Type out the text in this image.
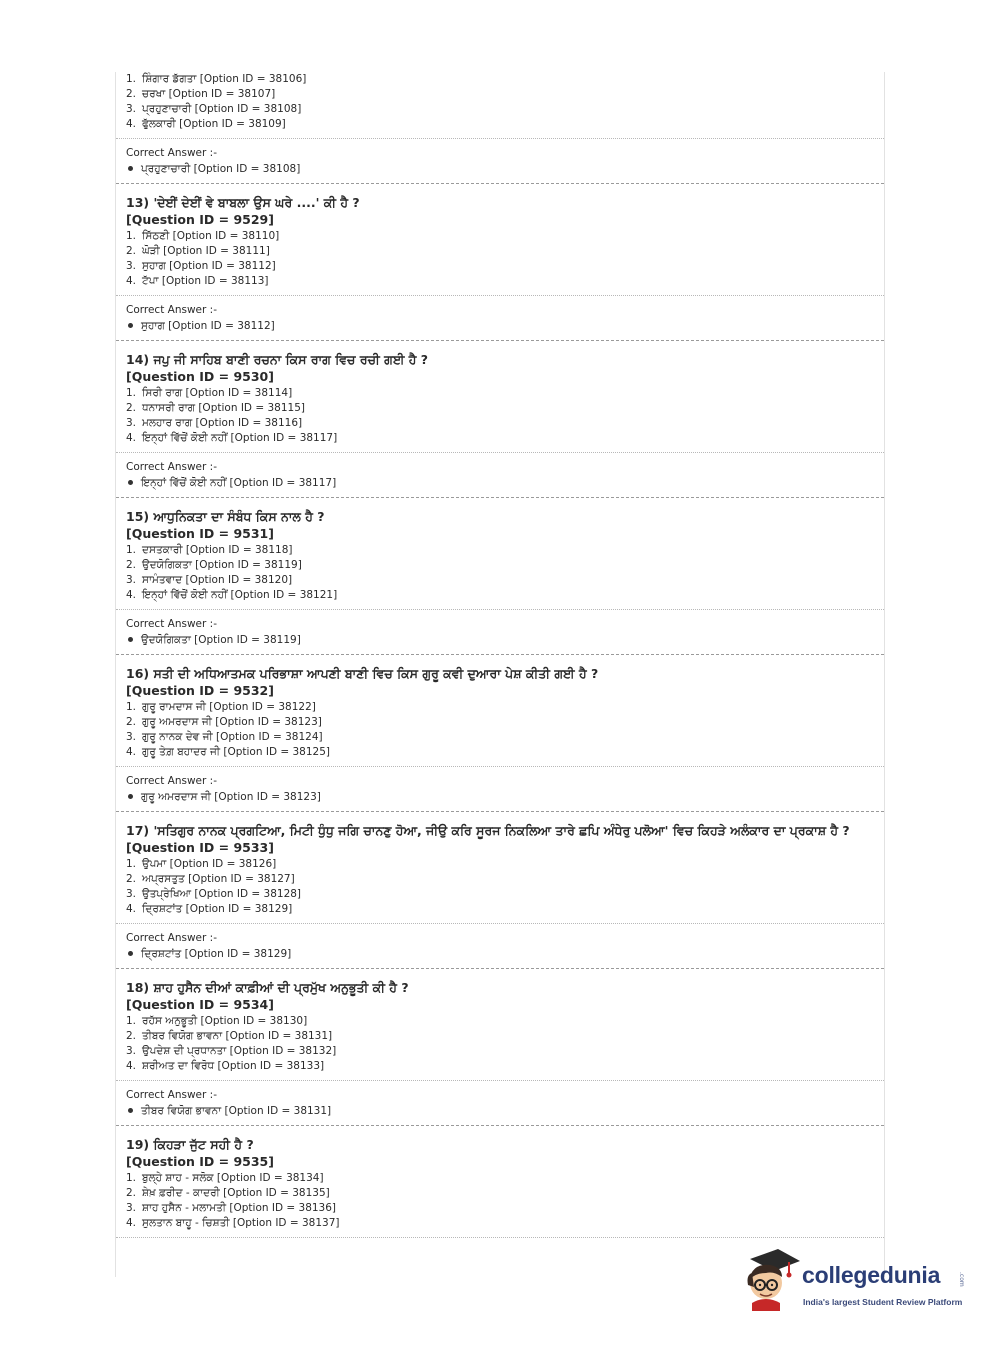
1. ਸ਼ਿੰਗਾਰ ਡੱਗਤਾ [Option ID = 38106]
2. ਚਰਖਾ [Option ID = 38107]
3. ਪ੍ਰਹੁਣਾਚਾਰੀ [Option ID = 38108]
4. ਫੁੱਲਕਾਰੀ [Option ID = 38109]
Correct Answer :-
ਪ੍ਰਹੁਣਾਚਾਰੀ [Option ID = 38108]
13) 'ਦੇਈਂ ਦੇਈਂ ਵੇ ਬਾਬਲਾ ਉਸ ਘਰੇ ....' ਕੀ ਹੈ ?
[Question ID = 9529]
1. ਸਿੱਠਣੀ [Option ID = 38110]
2. ਘੋੜੀ [Option ID = 38111]
3. ਸੁਹਾਗ [Option ID = 38112]
4. ਟੱਪਾ [Option ID = 38113]
Correct Answer :-
ਸੁਹਾਗ [Option ID = 38112]
14) ਜਪੁ ਜੀ ਸਾਹਿਬ ਬਾਣੀ ਰਚਨਾ ਕਿਸ ਰਾਗ ਵਿਚ ਰਚੀ ਗਈ ਹੈ ?
[Question ID = 9530]
1. ਸਿਰੀ ਰਾਗ [Option ID = 38114]
2. ਧਨਾਸਰੀ ਰਾਗ [Option ID = 38115]
3. ਮਲਹਾਰ ਰਾਗ [Option ID = 38116]
4. ਇਨ੍ਹਾਂ ਵਿੱਚੋਂ ਕੋਈ ਨਹੀਂ [Option ID = 38117]
Correct Answer :-
ਇਨ੍ਹਾਂ ਵਿੱਚੋਂ ਕੋਈ ਨਹੀਂ [Option ID = 38117]
15) ਆਧੁਨਿਕਤਾ ਦਾ ਸੰਬੰਧ ਕਿਸ ਨਾਲ ਹੈ ?
[Question ID = 9531]
1. ਦਸਤਕਾਰੀ [Option ID = 38118]
2. ਉਦਯੋਗਿਕਤਾ [Option ID = 38119]
3. ਸਾਮੰਤਵਾਦ [Option ID = 38120]
4. ਇਨ੍ਹਾਂ ਵਿੱਚੋਂ ਕੋਈ ਨਹੀਂ [Option ID = 38121]
Correct Answer :-
ਉਦਯੋਗਿਕਤਾ [Option ID = 38119]
16) ਸਤੀ ਦੀ ਅਧਿਆਤਮਕ ਪਰਿਭਾਸ਼ਾ ਆਪਣੀ ਬਾਣੀ ਵਿਚ ਕਿਸ ਗੁਰੂ ਕਵੀ ਦੁਆਰਾ ਪੇਸ਼ ਕੀਤੀ ਗਈ ਹੈ ?
[Question ID = 9532]
1. ਗੁਰੂ ਰਾਮਦਾਸ ਜੀ [Option ID = 38122]
2. ਗੁਰੂ ਅਮਰਦਾਸ ਜੀ [Option ID = 38123]
3. ਗੁਰੂ ਨਾਨਕ ਦੇਵ ਜੀ [Option ID = 38124]
4. ਗੁਰੂ ਤੇਗ਼ ਬਹਾਦਰ ਜੀ [Option ID = 38125]
Correct Answer :-
ਗੁਰੂ ਅਮਰਦਾਸ ਜੀ [Option ID = 38123]
17) 'ਸਤਿਗੁਰ ਨਾਨਕ ਪ੍ਰਗਟਿਆ, ਮਿਟੀ ਧੁੰਧੁ ਜਗਿ ਚਾਨਣੁ ਹੋਆ, ਜੀਉ ਕਰਿ ਸੂਰਜ ਨਿਕਲਿਆ ਤਾਰੇ ਛਪਿ ਅੰਧੇਰੁ ਪਲੋਆ' ਵਿਚ ਕਿਹੜੇ ਅਲੰਕਾਰ ਦਾ ਪ੍ਰਕਾਸ਼ ਹੈ ?
[Question ID = 9533]
1. ਉਪਮਾ [Option ID = 38126]
2. ਅਪ੍ਰਸਤੁਤ [Option ID = 38127]
3. ਉਤਪ੍ਰੇਖਿਆ [Option ID = 38128]
4. ਦ੍ਰਿਸ਼ਟਾਂਤ [Option ID = 38129]
Correct Answer :-
ਦ੍ਰਿਸ਼ਟਾਂਤ [Option ID = 38129]
18) ਸ਼ਾਹ ਹੁਸੈਨ ਦੀਆਂ ਕਾਫ਼ੀਆਂ ਦੀ ਪ੍ਰਮੁੱਖ ਅਨੁਭੂਤੀ ਕੀ ਹੈ ?
[Question ID = 9534]
1. ਰਹੱਸ ਅਨੁਭੂਤੀ [Option ID = 38130]
2. ਤੀਬਰ ਵਿਯੋਗ ਭਾਵਨਾ [Option ID = 38131]
3. ਉਪਦੇਸ਼ ਦੀ ਪ੍ਰਧਾਨਤਾ [Option ID = 38132]
4. ਸ਼ਰੀਅਤ ਦਾ ਵਿਰੋਧ [Option ID = 38133]
Correct Answer :-
ਤੀਬਰ ਵਿਯੋਗ ਭਾਵਨਾ [Option ID = 38131]
19) ਕਿਹੜਾ ਜੁੱਟ ਸਹੀ ਹੈ ?
[Question ID = 9535]
1. ਬੁਲ੍ਹੇ ਸ਼ਾਹ - ਸਲੋਕ [Option ID = 38134]
2. ਸ਼ੇਖ਼ ਫ਼ਰੀਦ - ਕਾਦਰੀ [Option ID = 38135]
3. ਸ਼ਾਹ ਹੁਸੈਨ - ਮਲਾਮਤੀ [Option ID = 38136]
4. ਸੁਲਤਾਨ ਬਾਹੂ - ਚਿਸ਼ਤੀ [Option ID = 38137]
collegedunia	.com
India's largest Student Review Platform
